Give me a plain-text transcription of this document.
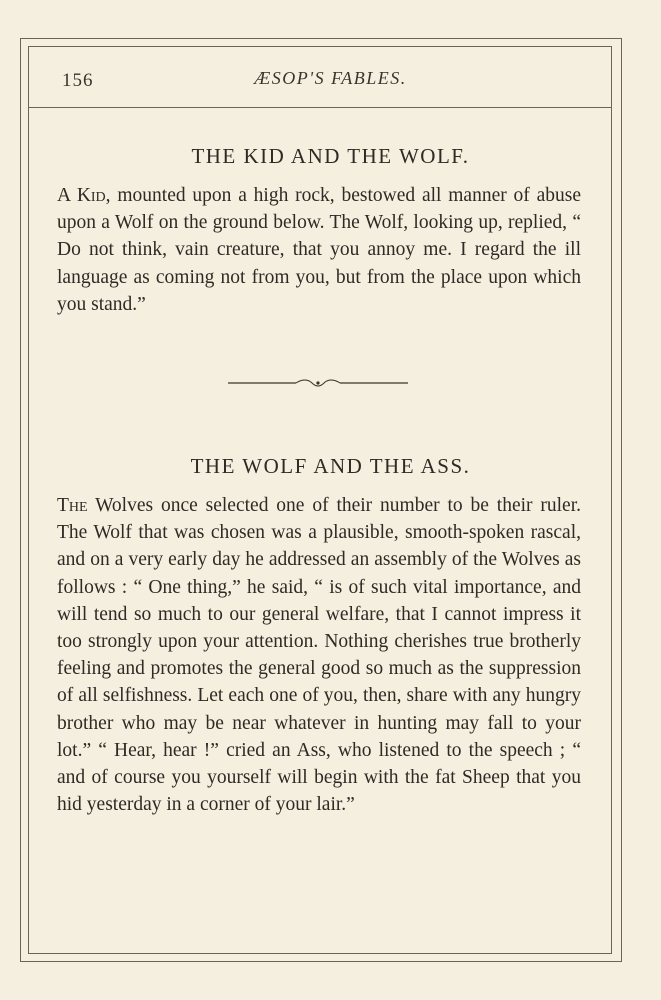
156	ÆSOP'S FABLES.
THE KID AND THE WOLF.
A Kid, mounted upon a high rock, bestowed all manner of abuse upon a Wolf on the ground below. The Wolf, looking up, replied, “ Do not think, vain creature, that you annoy me. I regard the ill language as coming not from you, but from the place upon which you stand.”
THE WOLF AND THE ASS.
The Wolves once selected one of their number to be their ruler. The Wolf that was chosen was a plausible, smooth-spoken rascal, and on a very early day he addressed an assembly of the Wolves as follows : “ One thing,” he said, “ is of such vital importance, and will tend so much to our general welfare, that I cannot impress it too strongly upon your attention. Nothing cherishes true brotherly feeling and promotes the general good so much as the suppression of all selfishness. Let each one of you, then, share with any hungry brother who may be near whatever in hunting may fall to your lot.” “ Hear, hear !” cried an Ass, who listened to the speech ; “ and of course you yourself will begin with the fat Sheep that you hid yesterday in a corner of your lair.”
